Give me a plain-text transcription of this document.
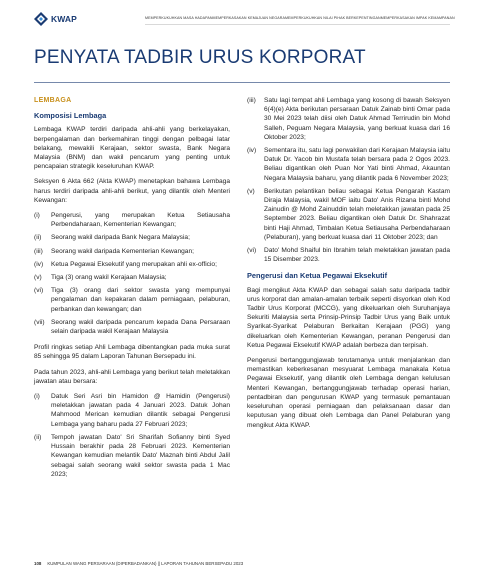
KWAP	MEMPERKUKUHKAN MASA HADAPAN MEMPERKASAKAN KEMAJUAN NEGARA MEMPERKUKUHKAN NILAI PIHAK BERKEPENTINGAN MEMPERKASAKAN IMPAK KEMAMPANAN
PENYATA TADBIR URUS KORPORAT
LEMBAGA
Komposisi Lembaga

Lembaga KWAP terdiri daripada ahli-ahli yang berkelayakan, berpengalaman dan berkemahiran tinggi dengan pelbagai latar belakang, mewakili Kerajaan, sektor swasta, Bank Negara Malaysia (BNM) dan wakil pencarum yang penting untuk pencapaian strategik keseluruhan KWAP.

Seksyen 6 Akta 662 (Akta KWAP) menetapkan bahawa Lembaga harus terdiri daripada ahli-ahli berikut, yang dilantik oleh Menteri Kewangan:

(i)	Pengerusi, yang merupakan Ketua Setiausaha Perbendaharaan, Kementerian Kewangan;
(ii)	Seorang wakil daripada Bank Negara Malaysia;
(iii)	Seorang wakil daripada Kementerian Kewangan;
(iv)	Ketua Pegawai Eksekutif yang merupakan ahli ex-officio;
(v)	Tiga (3) orang wakil Kerajaan Malaysia;
(vi)	Tiga (3) orang dari sektor swasta yang mempunyai pengalaman dan kepakaran dalam perniagaan, pelaburan, perbankan dan kewangan; dan
(vii) Seorang wakil daripada pencarum kepada Dana Persaraan selain daripada wakil Kerajaan Malaysia

Profil ringkas setiap Ahli Lembaga dibentangkan pada muka surat 85 sehingga 95 dalam Laporan Tahunan Bersepadu ini.

Pada tahun 2023, ahli-ahli Lembaga yang berikut telah meletakkan jawatan atau bersara:

(i)	Datuk Seri Asri bin Hamidon @ Hamidin (Pengerusi) meletakkan jawatan pada 4 Januari 2023. Datuk Johan Mahmood Merican kemudian dilantik sebagai Pengerusi Lembaga yang baharu pada 27 Februari 2023;
(ii)	Tempoh jawatan Dato' Sri Sharifah Sofianny binti Syed Hussain berakhir pada 28 Februari 2023. Kementerian Kewangan kemudian melantik Dato' Maznah binti Abdul Jalil sebagai salah seorang wakil sektor swasta pada 1 Mac 2023;
(iii)	Satu lagi tempat ahli Lembaga yang kosong di bawah Seksyen 6(4)(e) Akta berikutan persaraan Datuk Zainab binti Omar pada 30 Mei 2023 telah diisi oleh Datuk Ahmad Terrirudin bin Mohd Salleh, Peguam Negara Malaysia, yang berkuat kuasa dari 16 Oktober 2023;
(iv)	Sementara itu, satu lagi perwakilan dari Kerajaan Malaysia iaitu Datuk Dr. Yacob bin Mustafa telah bersara pada 2 Ogos 2023. Beliau digantikan oleh Puan Nor Yati binti Ahmad, Akauntan Negara Malaysia baharu, yang dilantik pada 6 November 2023;
(v)	Berikutan pelantikan beliau sebagai Ketua Pengarah Kastam Diraja Malaysia, wakil MOF iaitu Dato' Anis Rizana binti Mohd Zainudin @ Mohd Zainuddin telah meletakkan jawatan pada 25 September 2023. Beliau digantikan oleh Datuk Dr. Shahrazat binti Haji Ahmad, Timbalan Ketua Setiausaha Perbendaharaan (Pelaburan), yang berkuat kuasa dari 11 Oktober 2023; dan
(vi)	Dato' Mohd Shaiful bin Ibrahim telah meletakkan jawatan pada 15 Disember 2023.
Pengerusi dan Ketua Pegawai Eksekutif

Bagi mengikut Akta KWAP dan sebagai salah satu daripada tadbir urus korporat dan amalan-amalan terbaik seperti disyorkan oleh Kod Tadbir Urus Korporat (MCCG), yang dikeluarkan oleh Suruhanjaya Sekuriti Malaysia serta Prinsip-Prinsip Tadbir Urus yang Baik untuk Syarikat-Syarikat Pelaburan Berkaitan Kerajaan (PGG) yang dikeluarkan oleh Kementerian Kewangan, peranan Pengerusi dan Ketua Pegawai Eksekutif KWAP adalah berbeza dan terpisah.

Pengerusi bertanggungjawab terutamanya untuk menjalankan dan memastikan keberkesanan mesyuarat Lembaga manakala Ketua Pegawai Eksekutif, yang dilantik oleh Lembaga dengan kelulusan Menteri Kewangan, bertanggungjawab terhadap operasi harian, pentadbiran dan pengurusan KWAP yang termasuk pemantauan keseluruhan operasi perniagaan dan pelaksanaan dasar dan keputusan yang dibuat oleh Lembaga dan Panel Pelaburan yang mengikut Akta KWAP.

108 KUMPULAN WANG PERSARAAN (DIPERBADANKAN) || LAPORAN TAHUNAN BERSEPADU 2023
